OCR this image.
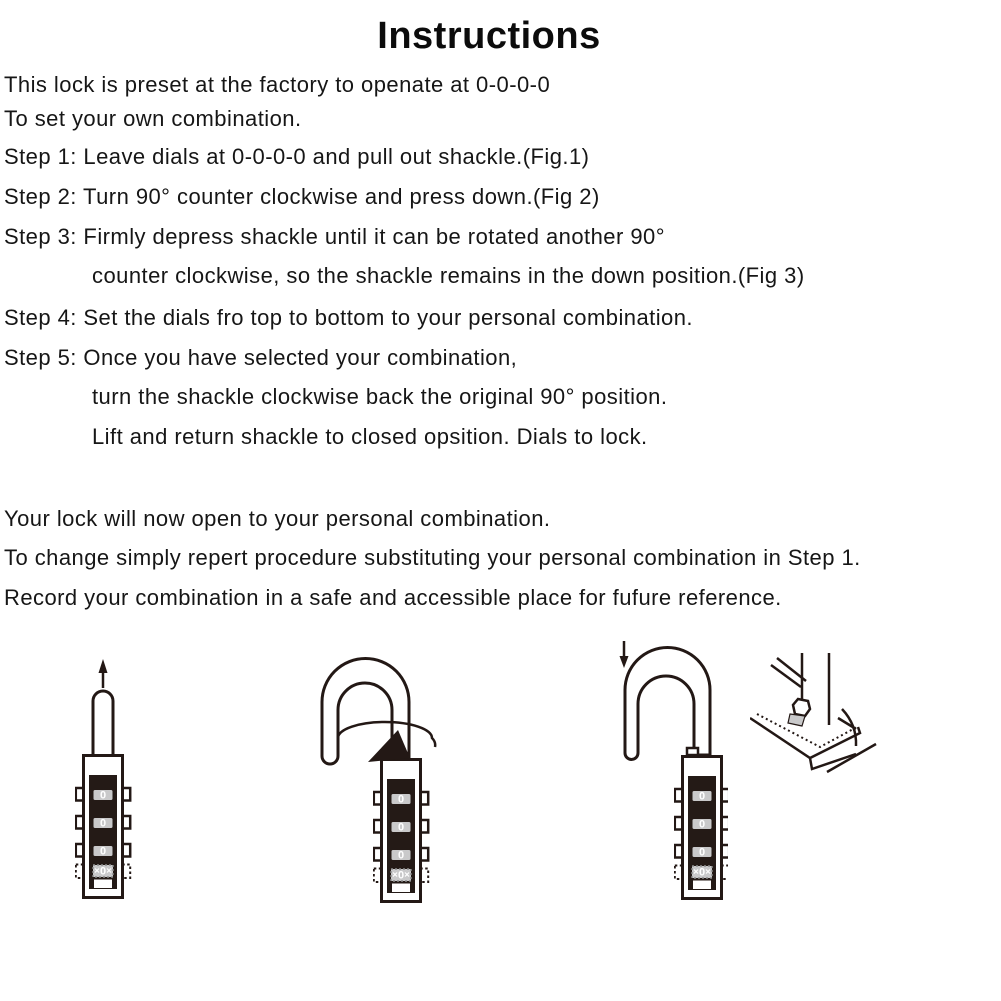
Instructions
This lock is preset at the factory to openate at 0-0-0-0
To set your own combination.
Step 1: Leave dials at 0-0-0-0 and pull out shackle.(Fig.1)
Step 2: Turn 90° counter clockwise and press down.(Fig 2)
Step 3: Firmly depress shackle until it can be rotated another 90°
counter clockwise, so the shackle remains in the down position.(Fig 3)
Step 4: Set the dials fro top to bottom to your personal combination.
Step 5: Once you have selected your combination,
turn the shackle clockwise back the original 90° position.
Lift and return shackle to closed opsition. Dials to lock.
Your lock will now open to your personal combination.
To change simply repert procedure substituting your personal combination in Step 1.
Record your combination in a safe and accessible place for fufure reference.
